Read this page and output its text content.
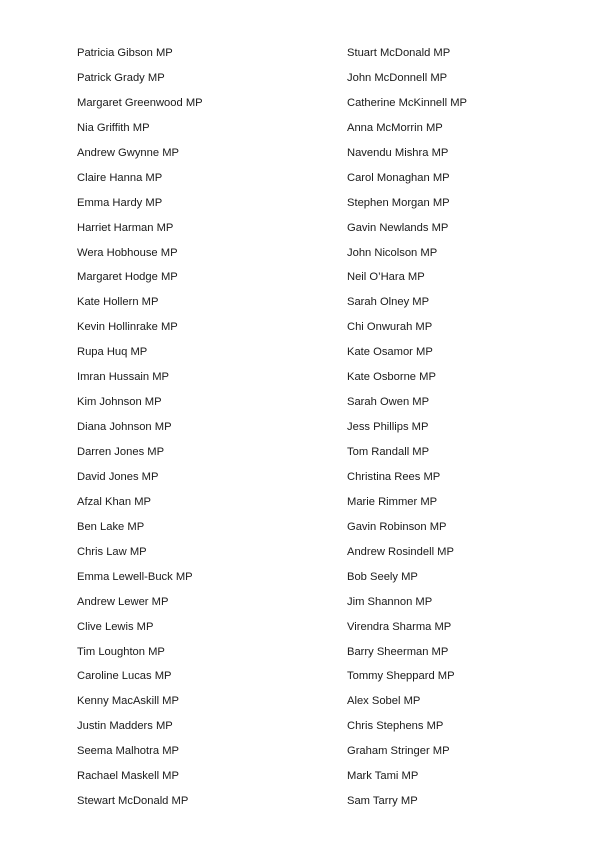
Patricia Gibson MP
Patrick Grady MP
Margaret Greenwood MP
Nia Griffith MP
Andrew Gwynne MP
Claire Hanna MP
Emma Hardy MP
Harriet Harman MP
Wera Hobhouse MP
Margaret Hodge MP
Kate Hollern MP
Kevin Hollinrake MP
Rupa Huq MP
Imran Hussain MP
Kim Johnson MP
Diana Johnson MP
Darren Jones MP
David Jones MP
Afzal Khan MP
Ben Lake MP
Chris Law MP
Emma Lewell-Buck MP
Andrew Lewer MP
Clive Lewis MP
Tim Loughton MP
Caroline Lucas MP
Kenny MacAskill MP
Justin Madders MP
Seema Malhotra MP
Rachael Maskell MP
Stewart McDonald MP
Stuart McDonald MP
John McDonnell MP
Catherine McKinnell MP
Anna McMorrin MP
Navendu Mishra MP
Carol Monaghan MP
Stephen Morgan MP
Gavin Newlands MP
John Nicolson MP
Neil O’Hara MP
Sarah Olney MP
Chi Onwurah MP
Kate Osamor MP
Kate Osborne MP
Sarah Owen MP
Jess Phillips MP
Tom Randall MP
Christina Rees MP
Marie Rimmer MP
Gavin Robinson MP
Andrew Rosindell MP
Bob Seely MP
Jim Shannon MP
Virendra Sharma MP
Barry Sheerman MP
Tommy Sheppard MP
Alex Sobel MP
Chris Stephens MP
Graham Stringer MP
Mark Tami MP
Sam Tarry MP
